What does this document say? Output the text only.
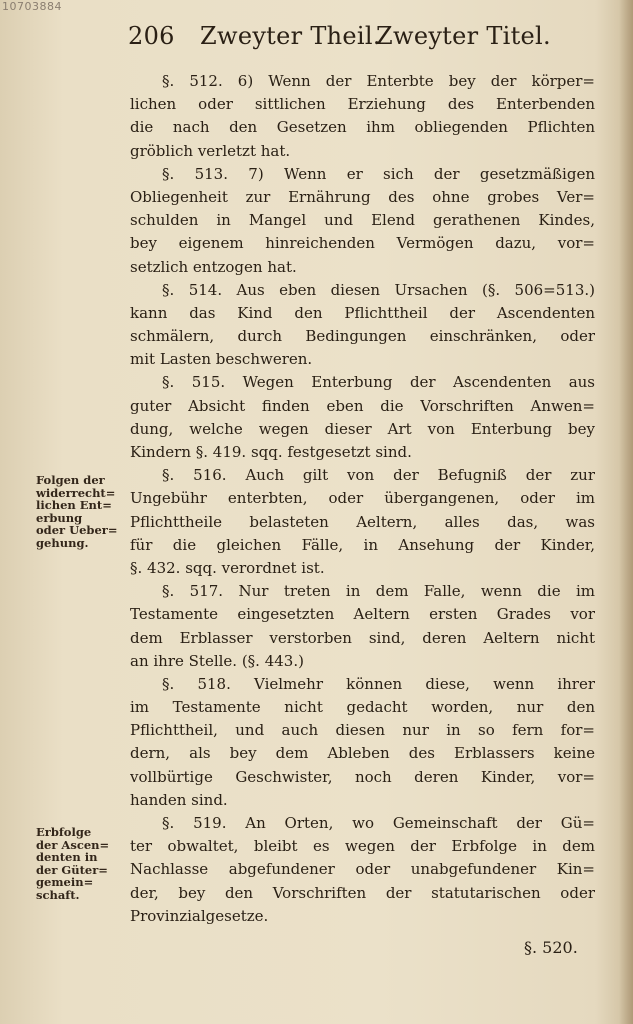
10703884
206 Zweyter Theil.
Zweyter Titel.
Folgen der
widerrecht=
lichen Ent=
erbung
oder Ueber=
gehung.
Erbfolge
der Ascen=
denten in
der Güter=
gemein=
schaft.

§. 512. 6) Wenn der Enterbte bey der körper=

lichen oder sittlichen Erziehung des Enterbenden

die nach den Gesetzen ihm obliegenden Pflichten

gröblich verletzt hat.

§. 513. 7) Wenn er sich der gesetzmäßigen

Obliegenheit zur Ernährung des ohne grobes Ver=

schulden in Mangel und Elend gerathenen Kindes,

bey eigenem hinreichenden Vermögen dazu, vor=

setzlich entzogen hat.

§. 514. Aus eben diesen Ursachen (§. 506=513.)

kann das Kind den Pflichttheil der Ascendenten

schmälern, durch Bedingungen einschränken, oder

mit Lasten beschweren.

§. 515. Wegen Enterbung der Ascendenten aus

guter Absicht finden eben die Vorschriften Anwen=

dung, welche wegen dieser Art von Enterbung bey

Kindern §. 419. sqq. festgesetzt sind.

§. 516. Auch gilt von der Befugniß der zur

Ungebühr enterbten, oder übergangenen, oder im

Pflichttheile belasteten Aeltern, alles das, was

für die gleichen Fälle, in Ansehung der Kinder,

§. 432. sqq. verordnet ist.

§. 517. Nur treten in dem Falle, wenn die im

Testamente eingesetzten Aeltern ersten Grades vor

dem Erblasser verstorben sind, deren Aeltern nicht

an ihre Stelle. (§. 443.)

§. 518. Vielmehr können diese, wenn ihrer

im Testamente nicht gedacht worden, nur den

Pflichttheil, und auch diesen nur in so fern for=

dern, als bey dem Ableben des Erblassers keine

vollbürtige Geschwister, noch deren Kinder, vor=

handen sind.

§. 519. An Orten, wo Gemeinschaft der Gü=

ter obwaltet, bleibt es wegen der Erbfolge in dem

Nachlasse abgefundener oder unabgefundener Kin=

der, bey den Vorschriften der statutarischen oder

Provinzialgesetze.

§. 520.
